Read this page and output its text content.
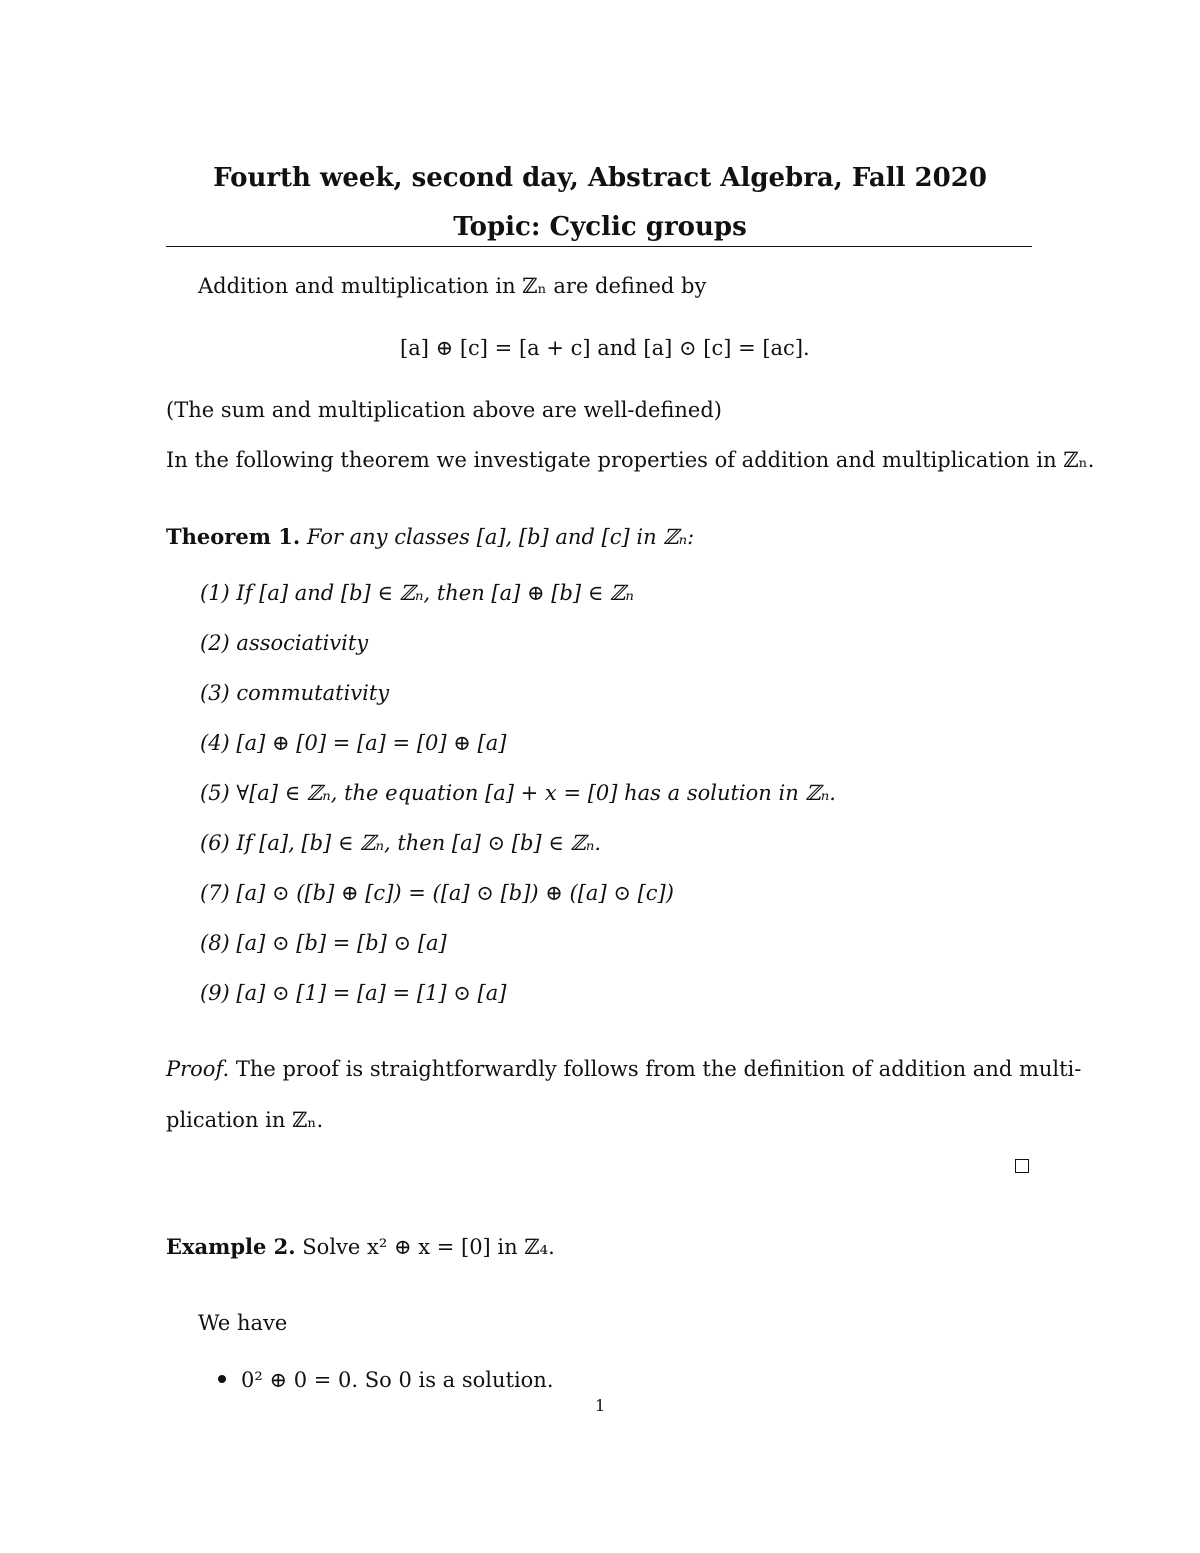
Fourth week, second day, Abstract Algebra, Fall 2020
Topic: Cyclic groups
Addition and multiplication in ℤₙ are defined by
[a] ⊕ [c] = [a + c] and [a] ⊙ [c] = [ac].
(The sum and multiplication above are well-defined)
In the following theorem we investigate properties of addition and multiplication in ℤₙ.
Theorem 1. For any classes [a], [b] and [c] in ℤₙ:
(1) If [a] and [b] ∈ ℤₙ, then [a] ⊕ [b] ∈ ℤₙ
(2) associativity
(3) commutativity
(4) [a] ⊕ [0] = [a] = [0] ⊕ [a]
(5) ∀[a] ∈ ℤₙ, the equation [a] + x = [0] has a solution in ℤₙ.
(6) If [a], [b] ∈ ℤₙ, then [a] ⊙ [b] ∈ ℤₙ.
(7) [a] ⊙ ([b] ⊕ [c]) = ([a] ⊙ [b]) ⊕ ([a] ⊙ [c])
(8) [a] ⊙ [b] = [b] ⊙ [a]
(9) [a] ⊙ [1] = [a] = [1] ⊙ [a]
Proof. The proof is straightforwardly follows from the definition of addition and multi-
plication in ℤₙ.
Example 2. Solve x² ⊕ x = [0] in ℤ₄.
We have
0² ⊕ 0 = 0. So 0 is a solution.
1
